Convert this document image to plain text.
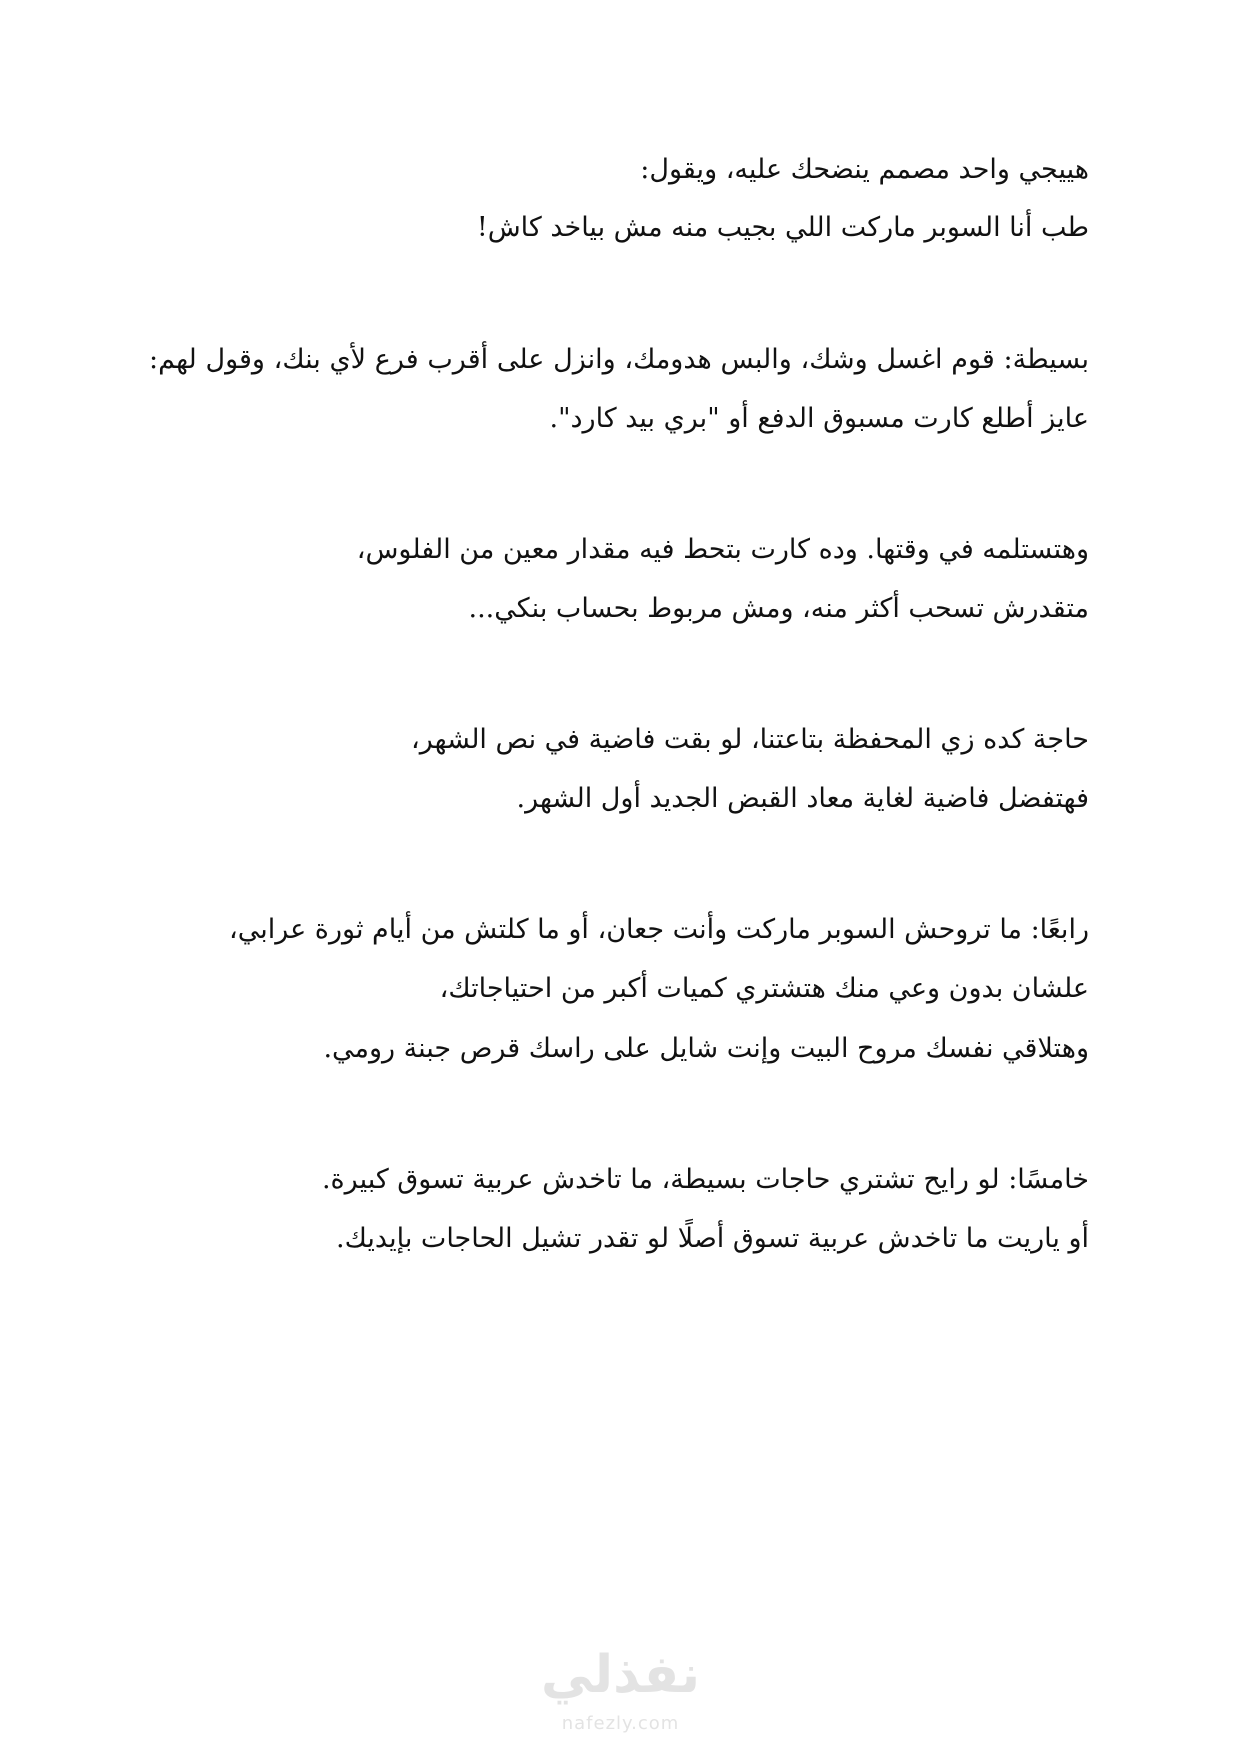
هييجي واحد مصمم ينضحك عليه، ويقول:
طب أنا السوبر ماركت اللي بجيب منه مش بياخد كاش!
بسيطة: قوم اغسل وشك، والبس هدومك، وانزل على أقرب فرع لأي بنك، وقول لهم:
عايز أطلع كارت مسبوق الدفع أو "بري بيد كارد".
وهتستلمه في وقتها. وده كارت بتحط فيه مقدار معين من الفلوس،
متقدرش تسحب أكثر منه، ومش مربوط بحساب بنكي...
حاجة كده زي المحفظة بتاعتنا، لو بقت فاضية في نص الشهر،
فهتفضل فاضية لغاية معاد القبض الجديد أول الشهر.
رابعًا: ما تروحش السوبر ماركت وأنت جعان، أو ما كلتش من أيام ثورة عرابي،
علشان بدون وعي منك هتشتري كميات أكبر من احتياجاتك،
وهتلاقي نفسك مروح البيت وإنت شايل على راسك قرص جبنة رومي.
خامسًا: لو رايح تشتري حاجات بسيطة، ما تاخدش عربية تسوق كبيرة.
أو ياريت ما تاخدش عربية تسوق أصلًا لو تقدر تشيل الحاجات بإيديك.
نفذلي
nafezly.com
